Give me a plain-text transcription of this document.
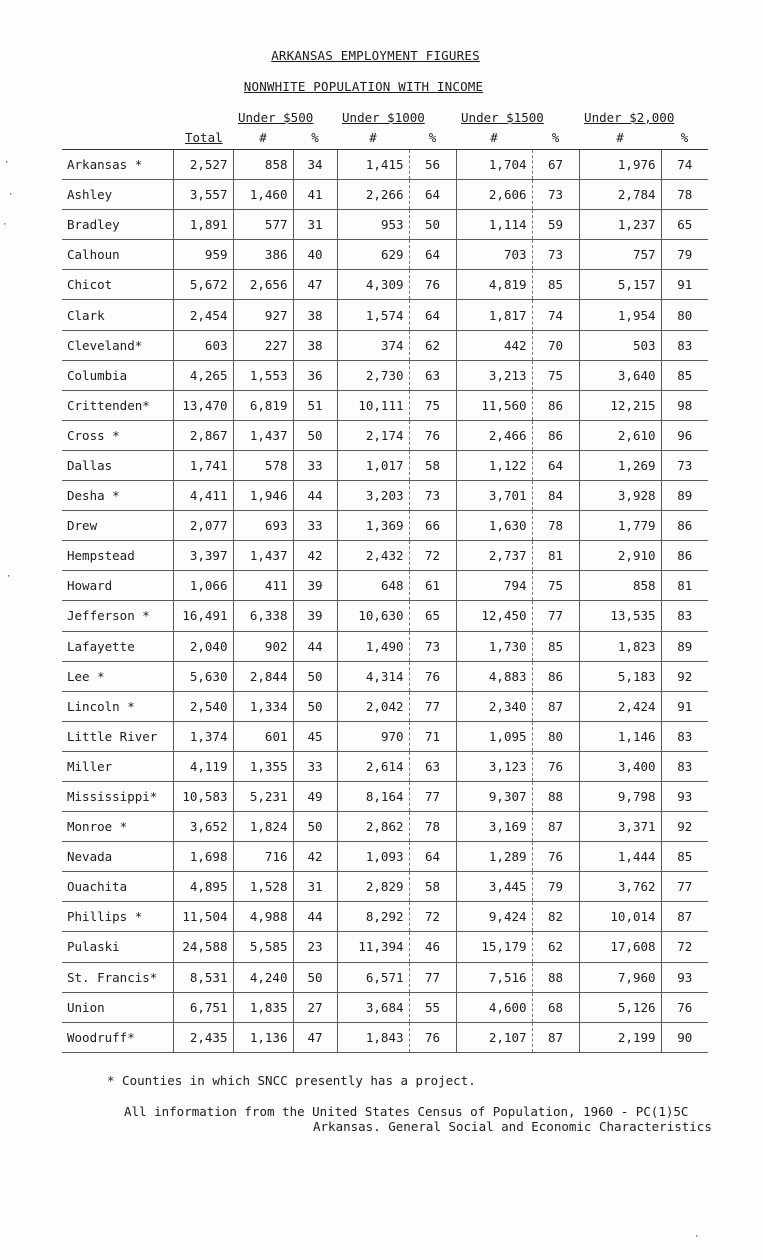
ARKANSAS EMPLOYMENT FIGURES
NONWHITE POPULATION WITH INCOME
·
·
·
·
·
		Under $500		Under $1000		Under $1500		Under $2,000	
	Total	#	%	#	%	#	%	#	%
Arkansas *	2,527	858	34	1,415	56	1,704	67	1,976	74
Ashley	3,557	1,460	41	2,266	64	2,606	73	2,784	78
Bradley	1,891	577	31	953	50	1,114	59	1,237	65
Calhoun	959	386	40	629	64	703	73	757	79
Chicot	5,672	2,656	47	4,309	76	4,819	85	5,157	91
Clark	2,454	927	38	1,574	64	1,817	74	1,954	80
Cleveland*	603	227	38	374	62	442	70	503	83
Columbia	4,265	1,553	36	2,730	63	3,213	75	3,640	85
Crittenden*	13,470	6,819	51	10,111	75	11,560	86	12,215	98
Cross *	2,867	1,437	50	2,174	76	2,466	86	2,610	96
Dallas	1,741	578	33	1,017	58	1,122	64	1,269	73
Desha *	4,411	1,946	44	3,203	73	3,701	84	3,928	89
Drew	2,077	693	33	1,369	66	1,630	78	1,779	86
Hempstead	3,397	1,437	42	2,432	72	2,737	81	2,910	86
Howard	1,066	411	39	648	61	794	75	858	81
Jefferson *	16,491	6,338	39	10,630	65	12,450	77	13,535	83
Lafayette	2,040	902	44	1,490	73	1,730	85	1,823	89
Lee *	5,630	2,844	50	4,314	76	4,883	86	5,183	92
Lincoln *	2,540	1,334	50	2,042	77	2,340	87	2,424	91
Little River	1,374	601	45	970	71	1,095	80	1,146	83
Miller	4,119	1,355	33	2,614	63	3,123	76	3,400	83
Mississippi*	10,583	5,231	49	8,164	77	9,307	88	9,798	93
Monroe *	3,652	1,824	50	2,862	78	3,169	87	3,371	92
Nevada	1,698	716	42	1,093	64	1,289	76	1,444	85
Ouachita	4,895	1,528	31	2,829	58	3,445	79	3,762	77
Phillips *	11,504	4,988	44	8,292	72	9,424	82	10,014	87
Pulaski	24,588	5,585	23	11,394	46	15,179	62	17,608	72
St. Francis*	8,531	4,240	50	6,571	77	7,516	88	7,960	93
Union	6,751	1,835	27	3,684	55	4,600	68	5,126	76
Woodruff*	2,435	1,136	47	1,843	76	2,107	87	2,199	90
* Counties in which SNCC presently has a project.
All information from the United States Census of Population, 1960 - PC(1)5C
Arkansas. General Social and Economic Characteristics
